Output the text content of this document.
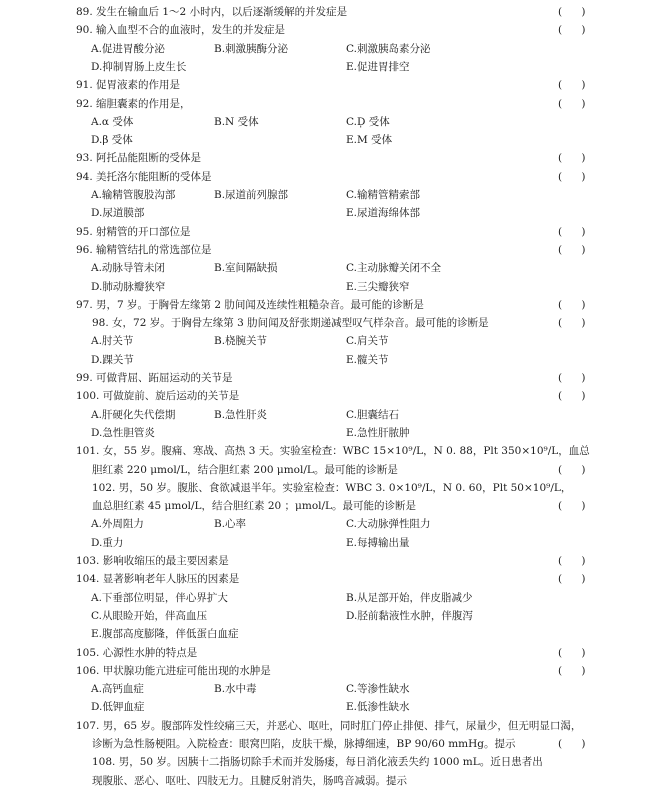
89. 发生在输血后 1～2 小时内，以后逐渐缓解的并发症是	( )
90. 输入血型不合的血液时，发生的并发症是	( )
A.促进胃酸分泌	B.刺激胰酶分泌	C.刺激胰岛素分泌
D.抑制胃肠上皮生长	E.促进胃排空
91. 促胃液素的作用是	( )
92. 缩胆囊素的作用是，	( )
A.α 受体	B.N 受体	C.D̩ 受体
D.β 受体	E.M 受体
93. 阿托品能阻断的受体是	( )
94. 美托洛尔能阻断的受体是	( )
A.输精管腹股沟部	B.尿道前列腺部	C.输精管精索部
D.尿道膜部	E.尿道海绵体部
95. 射精管的开口部位是	( )
96. 输精管结扎的常选部位是	( )
A.动脉导管未闭	B.室间隔缺损	C.主动脉瓣关闭不全
D.肺动脉瓣狭窄	E.三尖瓣狭窄
97. 男，7 岁。于胸骨左缘第 2 肋间闻及连续性粗糙杂音。最可能的诊断是	( )
98. 女，72 岁。于胸骨左缘第 3 肋间闻及舒张期递减型叹气样杂音。最可能的诊断是	( )
A.肘关节	B.桡腕关节	C.肩关节
D.踝关节	E.髋关节
99. 可做背屈、跖屈运动的关节是	( )
100. 可做旋前、旋后运动的关节是	( )
A.肝硬化失代偿期	B.急性肝炎	C.胆囊结石
D.急性胆管炎	E.急性肝脓肿
101. 女，55 岁。腹痛、寒战、高热 3 天。实验室检查：WBC 15×10⁹/L，N 0. 88，Plt 350×10⁹/L，血总
胆红素 220 μmol/L，结合胆红素 200 μmol/L。最可能的诊断是	( )
102. 男，50 岁。腹胀、食欲减退半年。实验室检查：WBC 3. 0×10⁹/L，N 0. 60，Plt 50×10⁹/L，
血总胆红素 45 μmol/L，结合胆红素 20 ；μmol/L。最可能的诊断是	( )
A.外周阻力	B.心率	C.大动脉弹性阻力
D.重力	E.每搏输出量
103. 影响收缩压的最主要因素是	( )
104. 显著影响老年人脉压的因素是	( )
A.下垂部位明显，伴心界扩大	B.从足部开始，伴皮脂减少
C.从眼睑开始，伴高血压	D.胫前黏液性水肿，伴腹泻
E.腹部高度膨隆，伴低蛋白血症
105. 心源性水肿的特点是	( )
106. 甲状腺功能亢进症可能出现的水肿是	( )
A.高钙血症	B.水中毒	C.等渗性缺水
D.低钾血症	E.低渗性缺水
107. 男，65 岁。腹部阵发性绞痛三天，并恶心、呕吐，同时肛门停止排便、排气，尿量少，但无明显口渴，
诊断为急性肠梗阻。入院检查：眼窝凹陷，皮肤干燥，脉搏细速，BP 90/60 mmHg。提示	( )
108. 男，50 岁。因胰十二指肠切除手术而并发肠瘘，每日消化液丢失约 1000 mL。近日患者出
现腹胀、恶心、呕吐、四肢无力。且腱反射消失，肠鸣音减弱。提示
